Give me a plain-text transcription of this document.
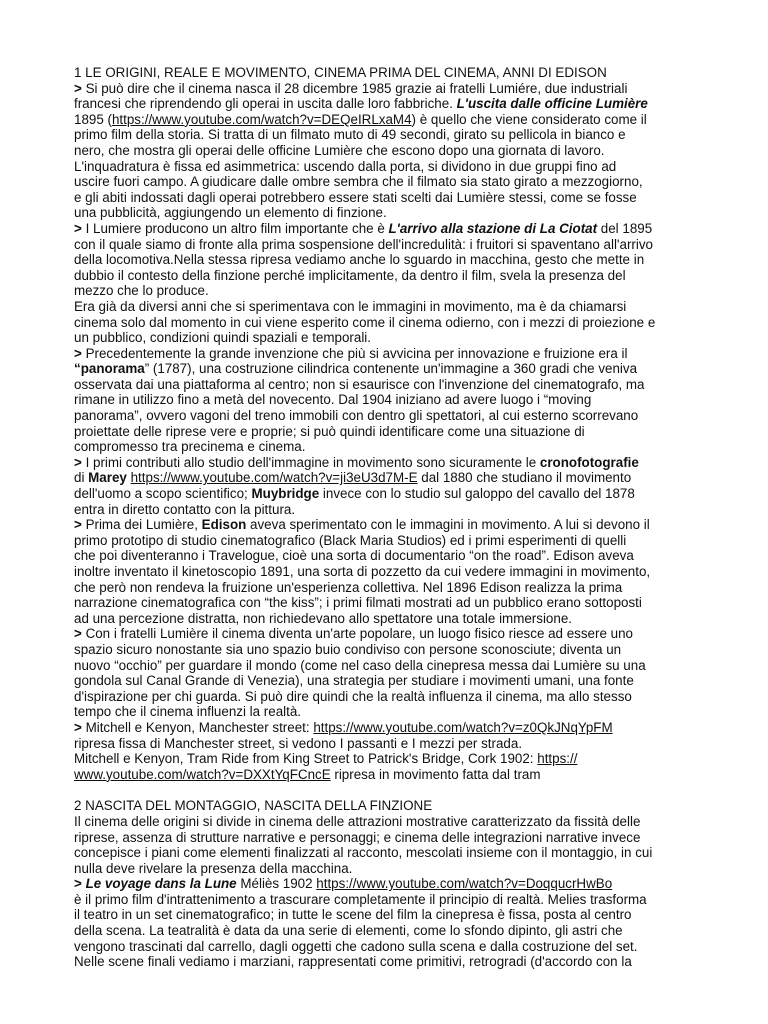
1 LE ORIGINI, REALE E MOVIMENTO, CINEMA PRIMA DEL CINEMA, ANNI DI EDISON
> Si può dire che il cinema nasca il 28 dicembre 1985 grazie ai fratelli Lumiére, due industriali
francesi che riprendendo gli operai in uscita dalle loro fabbriche. L'uscita dalle officine Lumière
1895 (https://www.youtube.com/watch?v=DEQeIRLxaM4) è quello che viene considerato come il
primo film della storia. Si tratta di un filmato muto di 49 secondi, girato su pellicola in bianco e
nero, che mostra gli operai delle officine Lumière che escono dopo una giornata di lavoro.
L'inquadratura è fissa ed asimmetrica: uscendo dalla porta, si dividono in due gruppi fino ad
uscire fuori campo. A giudicare dalle ombre sembra che il filmato sia stato girato a mezzogiorno,
e gli abiti indossati dagli operai potrebbero essere stati scelti dai Lumière stessi, come se fosse
una pubblicità, aggiungendo un elemento di finzione.
> I Lumiere producono un altro film importante che è L'arrivo alla stazione di La Ciotat del 1895
con il quale siamo di fronte alla prima sospensione dell'incredulità: i fruitori si spaventano all'arrivo
della locomotiva.Nella stessa ripresa vediamo anche lo sguardo in macchina, gesto che mette in
dubbio il contesto della finzione perché implicitamente, da dentro il film, svela la presenza del
mezzo che lo produce.
Era già da diversi anni che si sperimentava con le immagini in movimento, ma è da chiamarsi
cinema solo dal momento in cui viene esperito come il cinema odierno, con i mezzi di proiezione e
un pubblico, condizioni quindi spaziali e temporali.
> Precedentemente la grande invenzione che più si avvicina per innovazione e fruizione era il
“panorama” (1787), una costruzione cilindrica contenente un'immagine a 360 gradi che veniva
osservata dai una piattaforma al centro; non si esaurisce con l'invenzione del cinematografo, ma
rimane in utilizzo fino a metà del novecento. Dal 1904 iniziano ad avere luogo i “moving
panorama”, ovvero vagoni del treno immobili con dentro gli spettatori, al cui esterno scorrevano
proiettate delle riprese vere e proprie; si può quindi identificare come una situazione di
compromesso tra precinema e cinema.
> I primi contributi allo studio dell'immagine in movimento sono sicuramente le cronofotografie
di Marey https://www.youtube.com/watch?v=ji3eU3d7M-E dal 1880 che studiano il movimento
dell'uomo a scopo scientifico; Muybridge invece con lo studio sul galoppo del cavallo del 1878
entra in diretto contatto con la pittura.
> Prima dei Lumière, Edison aveva sperimentato con le immagini in movimento. A lui si devono il
primo prototipo di studio cinematografico (Black Maria Studios) ed i primi esperimenti di quelli
che poi diventeranno i Travelogue, cioè una sorta di documentario “on the road”. Edison aveva
inoltre inventato il kinetoscopio 1891, una sorta di pozzetto da cui vedere immagini in movimento,
che però non rendeva la fruizione un'esperienza collettiva. Nel 1896 Edison realizza la prima
narrazione cinematografica con “the kiss”; i primi filmati mostrati ad un pubblico erano sottoposti
ad una percezione distratta, non richiedevano allo spettatore una totale immersione.
> Con i fratelli Lumière il cinema diventa un'arte popolare, un luogo fisico riesce ad essere uno
spazio sicuro nonostante sia uno spazio buio condiviso con persone sconosciute; diventa un
nuovo “occhio” per guardare il mondo (come nel caso della cinepresa messa dai Lumière su una
gondola sul Canal Grande di Venezia), una strategia per studiare i movimenti umani, una fonte
d'ispirazione per chi guarda. Si può dire quindi che la realtà influenza il cinema, ma allo stesso
tempo che il cinema influenzi la realtà.
> Mitchell e Kenyon, Manchester street: https://www.youtube.com/watch?v=z0QkJNqYpFM
ripresa fissa di Manchester street, si vedono I passanti e I mezzi per strada.
Mitchell e Kenyon, Tram Ride from King Street to Patrick's Bridge, Cork 1902: https://
www.youtube.com/watch?v=DXXtYqFCncE ripresa in movimento fatta dal tram
2 NASCITA DEL MONTAGGIO, NASCITA DELLA FINZIONE
Il cinema delle origini si divide in cinema delle attrazioni mostrative caratterizzato da fissità delle
riprese, assenza di strutture narrative e personaggi; e cinema delle integrazioni narrative invece
concepisce i piani come elementi finalizzati al racconto, mescolati insieme con il montaggio, in cui
nulla deve rivelare la presenza della macchina.
> Le voyage dans la Lune Méliès 1902 https://www.youtube.com/watch?v=DoqqucrHwBo
è il primo film d'intrattenimento a trascurare completamente il principio di realtà. Melies trasforma
il teatro in un set cinematografico; in tutte le scene del film la cinepresa è fissa, posta al centro
della scena. La teatralità è data da una serie di elementi, come lo sfondo dipinto, gli astri che
vengono trascinati dal carrello, dagli oggetti che cadono sulla scena e dalla costruzione del set.
Nelle scene finali vediamo i marziani, rappresentati come primitivi, retrogradi (d'accordo con la
